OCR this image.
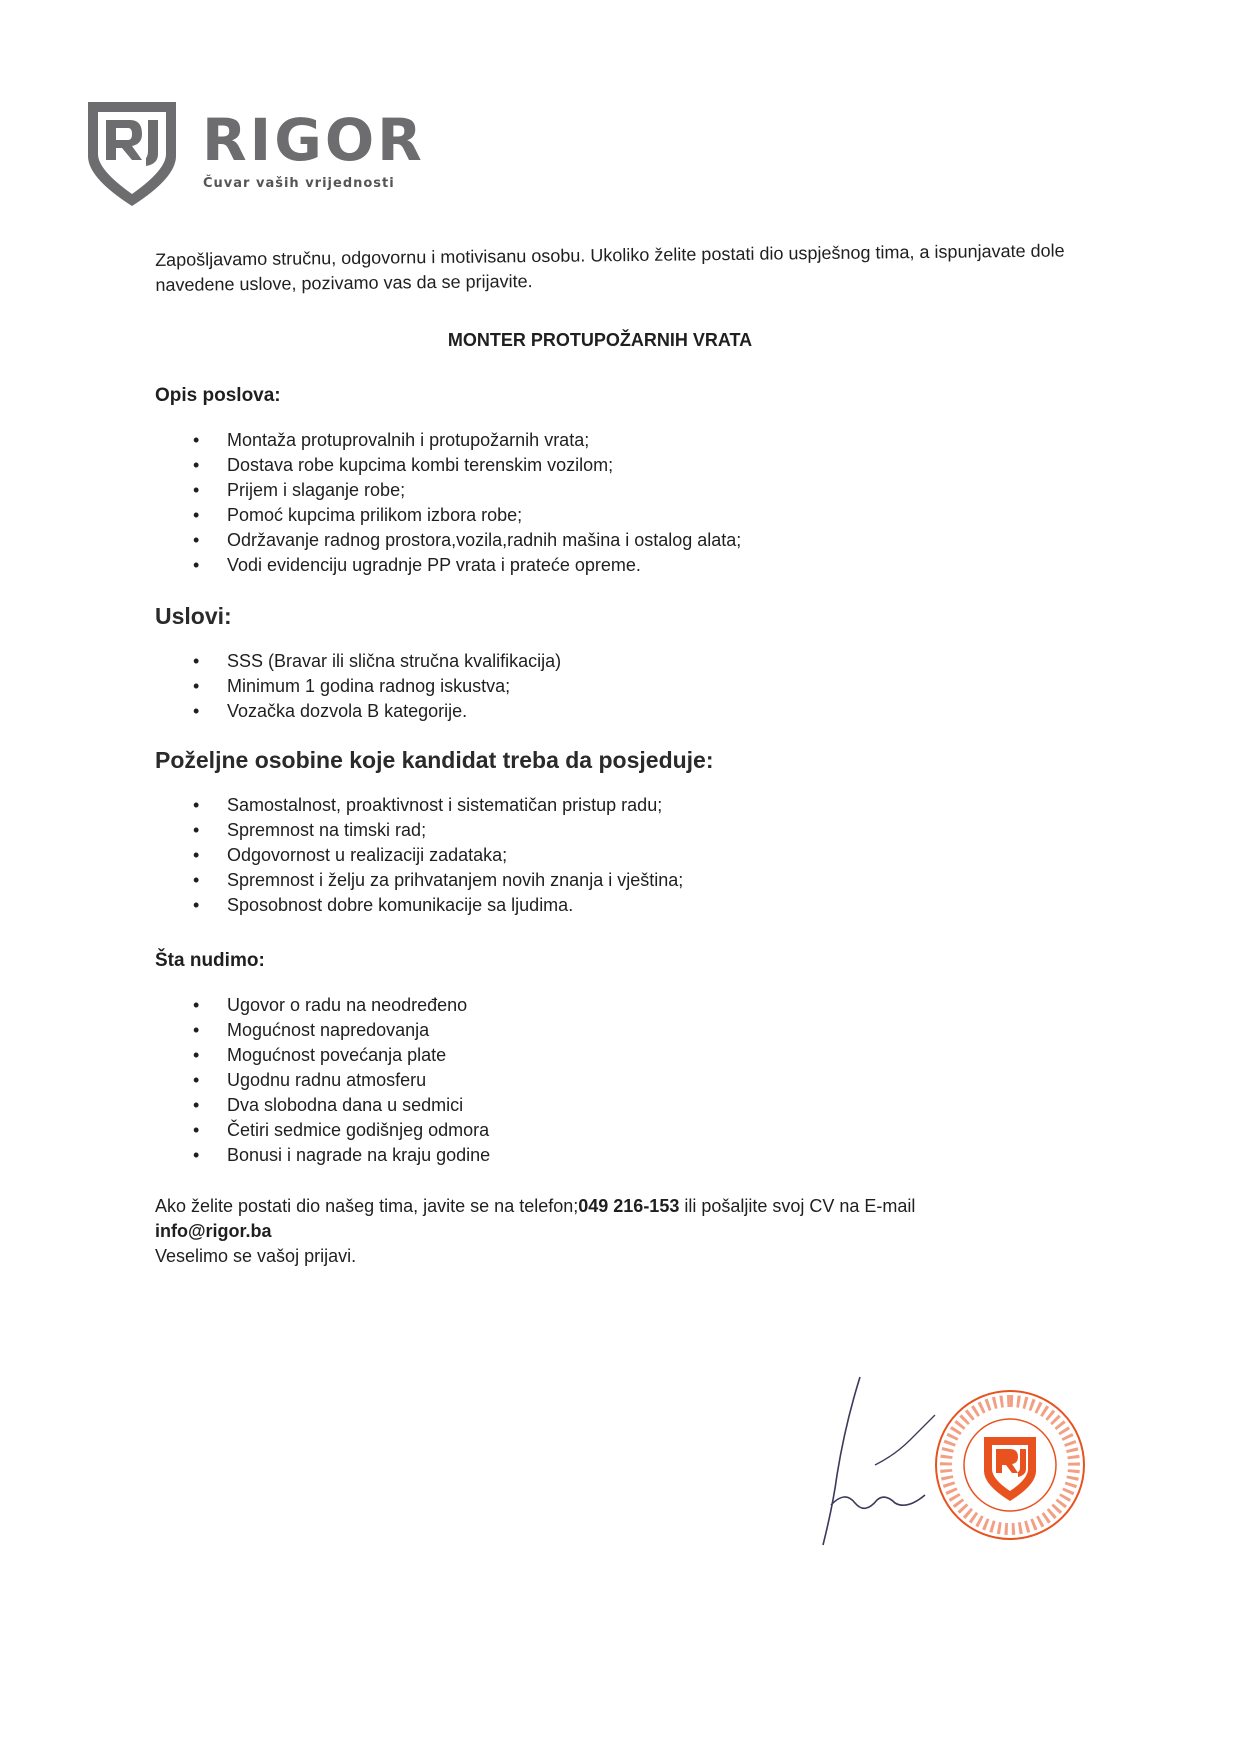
RIGOR
Čuvar vaših vrijednosti

Zapošljavamo stručnu, odgovornu i motivisanu osobu. Ukoliko želite postati dio uspješnog tima, a ispunjavate dole navedene uslove, pozivamo vas da se prijavite.

MONTER PROTUPOŽARNIH VRATA
Opis poslova:
• Montaža protuprovalnih i protupožarnih vrata;
• Dostava robe kupcima kombi terenskim vozilom;
• Prijem i slaganje robe;
• Pomoć kupcima prilikom izbora robe;
• Održavanje radnog prostora,vozila,radnih mašina i ostalog alata;
• Vodi evidenciju ugradnje PP vrata i prateće opreme.
Uslovi:
• SSS (Bravar ili slična stručna kvalifikacija)
• Minimum 1 godina radnog iskustva;
• Vozačka dozvola B kategorije.
Poželjne osobine koje kandidat treba da posjeduje:
• Samostalnost, proaktivnost i sistematičan pristup radu;
• Spremnost na timski rad;
• Odgovornost u realizaciji zadataka;
• Spremnost i želju za prihvatanjem novih znanja i vještina;
• Sposobnost dobre komunikacije sa ljudima.
Šta nudimo:
• Ugovor o radu na neodređeno
• Mogućnost napredovanja
• Mogućnost povećanja plate
• Ugodnu radnu atmosferu
• Dva slobodna dana u sedmici
• Četiri sedmice godišnjeg odmora
• Bonusi i nagrade na kraju godine

Ako želite postati dio našeg tima, javite se na telefon;049 216-153 ili pošaljite svoj CV na E-mail
info@rigor.ba
Veselimo se vašoj prijavi.
